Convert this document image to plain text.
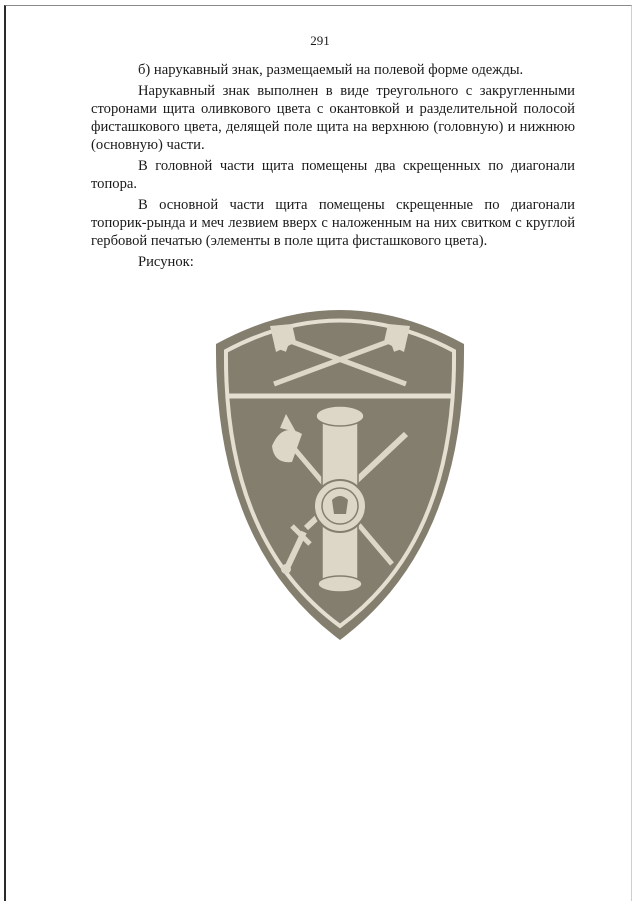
291

б) нарукавный знак, размещаемый на полевой форме одежды.

Нарукавный знак выполнен в виде треугольного с закругленными сторонами щита оливкового цвета с окантовкой и разделительной полосой фисташкового цвета, делящей поле щита на верхнюю (головную) и нижнюю (основную) части.

В головной части щита помещены два скрещенных по диагонали топора.

В основной части щита помещены скрещенные по диагонали топорик-рында и меч лезвием вверх с наложенным на них свитком с круглой гербовой печатью (элементы в поле щита фисташкового цвета).

Рисунок:
